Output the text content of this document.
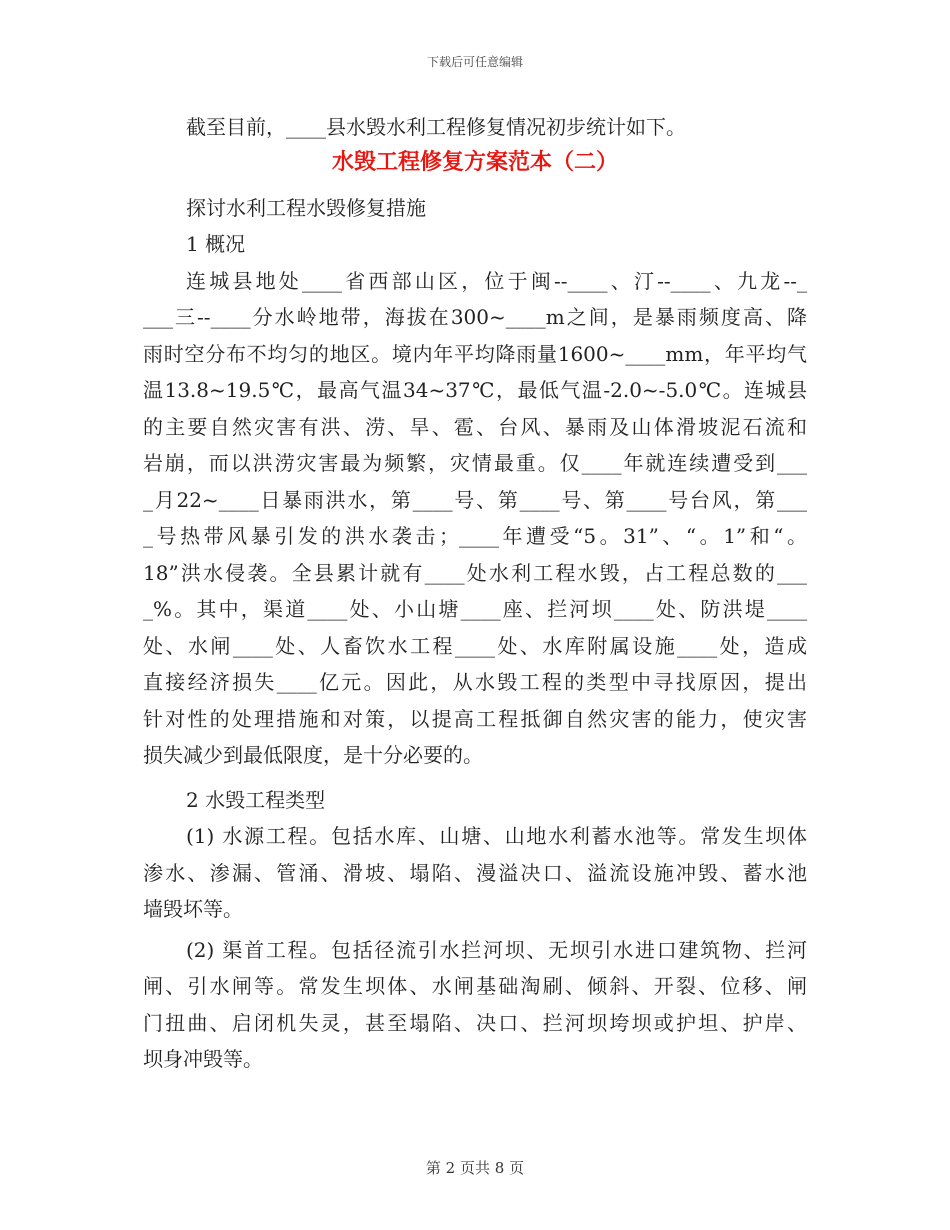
下载后可任意编辑
截至目前，____县水毁水利工程修复情况初步统计如下。
水毁工程修复方案范本（二）
探讨水利工程水毁修复措施
1 概况
连城县地处____省西部山区，位于闽--____、汀--____、九龙--_
___三--____分水岭地带，海拔在300~____m之间，是暴雨频度高、降
雨时空分布不均匀的地区。境内年平均降雨量1600~____mm，年平均气
温13.8~19.5℃，最高气温34~37℃，最低气温-2.0~-5.0℃。连城县
的主要自然灾害有洪、涝、旱、雹、台风、暴雨及山体滑坡泥石流和
岩崩，而以洪涝灾害最为频繁，灾情最重。仅____年就连续遭受到___
_月22~____日暴雨洪水，第____号、第____号、第____号台风，第___
_号热带风暴引发的洪水袭击；____年遭受“5。31”、“。1”和“。
18”洪水侵袭。全县累计就有____处水利工程水毁，占工程总数的___
_%。其中，渠道____处、小山塘____座、拦河坝____处、防洪堤____
处、水闸____处、人畜饮水工程____处、水库附属设施____处，造成
直接经济损失____亿元。因此，从水毁工程的类型中寻找原因，提出
针对性的处理措施和对策，以提高工程抵御自然灾害的能力，使灾害
损失减少到最低限度，是十分必要的。
2 水毁工程类型
(1) 水源工程。包括水库、山塘、山地水利蓄水池等。常发生坝体
渗水、渗漏、管涌、滑坡、塌陷、漫溢决口、溢流设施冲毁、蓄水池
墙毁坏等。
(2) 渠首工程。包括径流引水拦河坝、无坝引水进口建筑物、拦河
闸、引水闸等。常发生坝体、水闸基础淘刷、倾斜、开裂、位移、闸
门扭曲、启闭机失灵，甚至塌陷、决口、拦河坝垮坝或护坦、护岸、
坝身冲毁等。
第 2 页共 8 页
